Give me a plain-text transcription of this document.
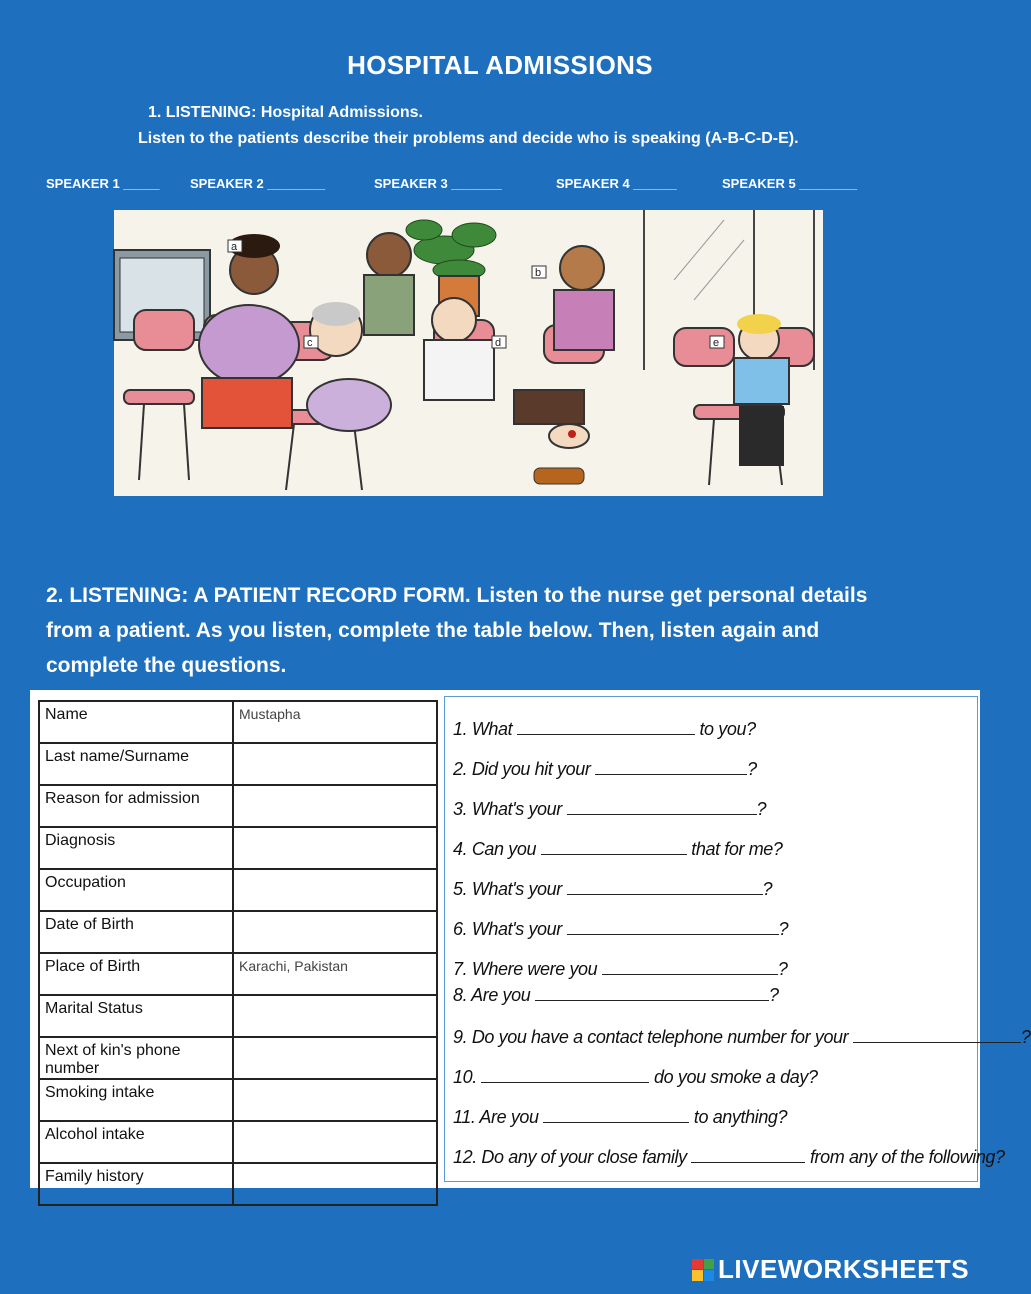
HOSPITAL ADMISSIONS
1. LISTENING: Hospital Admissions.
Listen to the patients describe their problems and decide who is speaking (A-B-C-D-E).
SPEAKER 1 _____ SPEAKER 2 ________	SPEAKER 3 _______	SPEAKER 4 ______	SPEAKER 5 ________
a
b
c	d	e

2. LISTENING: A PATIENT RECORD FORM. Listen to the nurse get personal details

from a patient. As you listen, complete the table below. Then, listen again and

complete the questions.

Name	Mustapha
Last name/Surname	
Reason for admission	
Diagnosis	
Occupation	
Date of Birth	
Place of Birth	Karachi, Pakistan
Marital Status	
Next of kin's phone number	
Smoking intake	
Alcohol intake	
Family history	
1. What	to you?
2. Did you hit your	?
3. What's your	?
4. Can you	that for me?
5. What's your	?
6. What's your	?
7. Where were you	?
8. Are you	?
9. Do you have a contact telephone number for your	?
10.	do you smoke a day?
11. Are you	to anything?
12. Do any of your close family	from any of the following?
LIVEWORKSHEETS
